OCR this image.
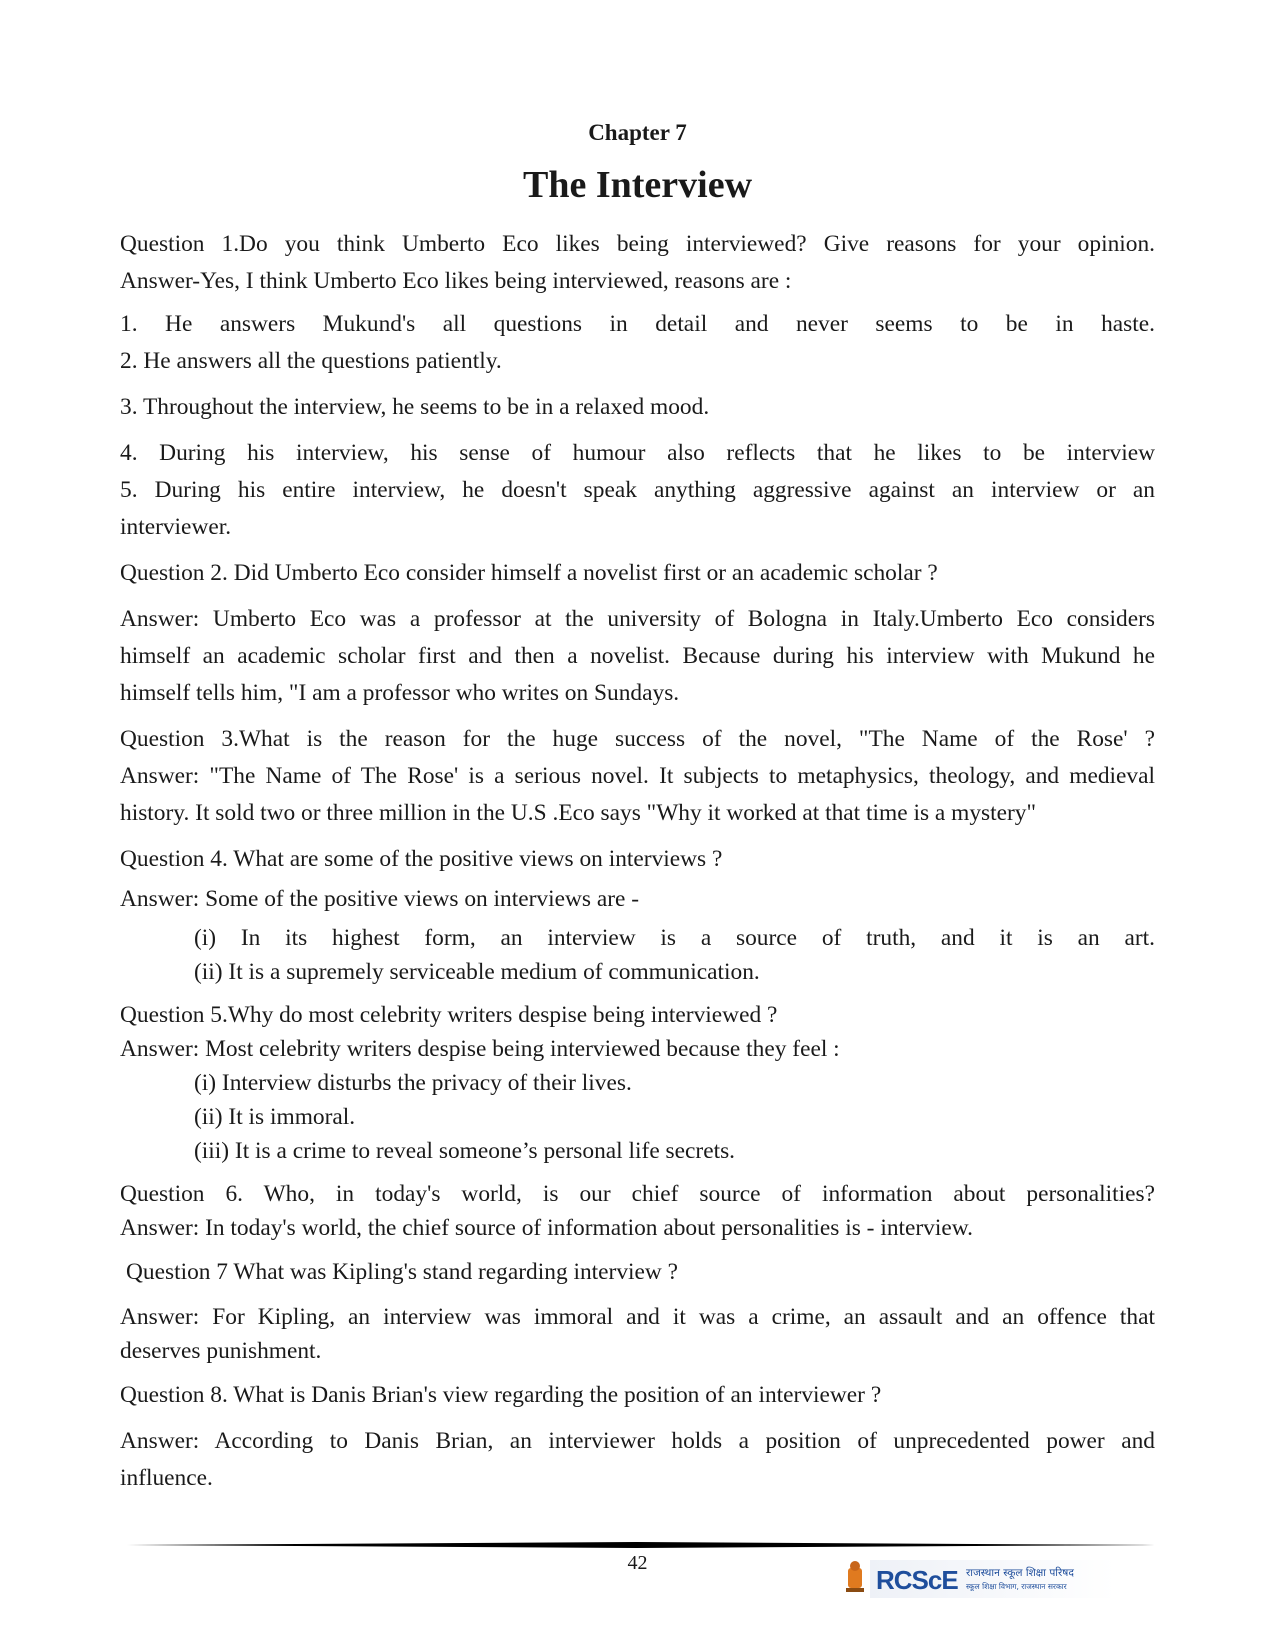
Chapter 7
The Interview

Question 1.Do you think Umberto Eco likes being interviewed? Give reasons for your opinion.
Answer-Yes, I think Umberto Eco likes being interviewed, reasons are :

1. He answers Mukund's all questions in detail and never seems to be in haste.
2. He answers all the questions patiently.

3. Throughout the interview, he seems to be in a relaxed mood.

4. During his interview, his sense of humour also reflects that he likes to be interview
5. During his entire interview, he doesn't speak anything aggressive against an interview or an
interviewer.

Question 2. Did Umberto Eco consider himself a novelist first or an academic scholar ?

Answer: Umberto Eco was a professor at the university of Bologna in Italy.Umberto Eco considers
himself an academic scholar first and then a novelist. Because during his interview with Mukund he
himself tells him, "I am a professor who writes on Sundays.

Question 3.What is the reason for the huge success of the novel, "The Name of the Rose' ?
Answer: "The Name of The Rose' is a serious novel. It subjects to metaphysics, theology, and medieval
history. It sold two or three million in the U.S .Eco says "Why it worked at that time is a mystery"

Question 4. What are some of the positive views on interviews ?

Answer: Some of the positive views on interviews are -

(i) In its highest form, an interview is a source of truth, and it is an art.
(ii) It is a supremely serviceable medium of communication.

Question 5.Why do most celebrity writers despise being interviewed ?
Answer: Most celebrity writers despise being interviewed because they feel :
(i) Interview disturbs the privacy of their lives.
(ii) It is immoral.
(iii) It is a crime to reveal someone’s personal life secrets.

Question 6. Who, in today's world, is our chief source of information about personalities?
Answer: In today's world, the chief source of information about personalities is - interview.

Question 7 What was Kipling's stand regarding interview ?

Answer: For Kipling, an interview was immoral and it was a crime, an assault and an offence that
deserves punishment.

Question 8. What is Danis Brian's view regarding the position of an interviewer ?

Answer: According to Danis Brian, an interviewer holds a position of unprecedented power and
influence.

42
RCScE राजस्थान स्कूल शिक्षा परिषद
स्कूल शिक्षा विभाग, राजस्थान सरकार
